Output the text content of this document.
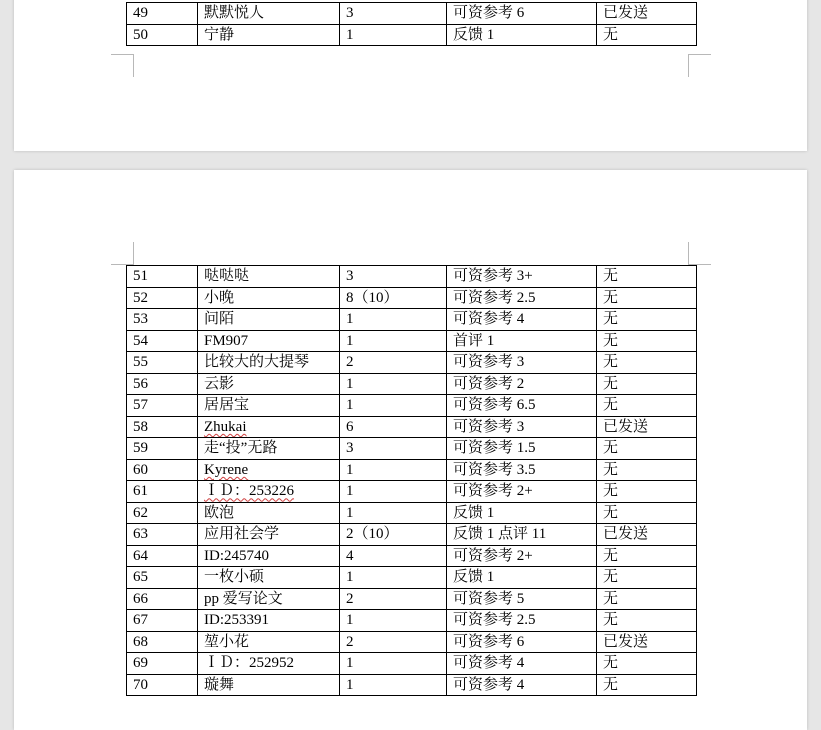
49	默默悦人	3	可资参考 6	已发送
50	宁静	1	反馈 1	无
51	哒哒哒	3	可资参考 3+	无
52	小晚	8（10）	可资参考 2.5	无
53	问陌	1	可资参考 4	无
54	FM907	1	首评 1	无
55	比较大的大提琴	2	可资参考 3	无
56	云影	1	可资参考 2	无
57	居居宝	1	可资参考 6.5	无
58	Zhukai	6	可资参考 3	已发送
59	走“投”无路	3	可资参考 1.5	无
60	Kyrene	1	可资参考 3.5	无
61	ＩＤ：253226	1	可资参考 2+	无
62	欧泡	1	反馈 1	无
63	应用社会学	2（10）	反馈 1 点评 11	已发送
64	ID:245740	4	可资参考 2+	无
65	一枚小硕	1	反馈 1	无
66	pp 爱写论文	2	可资参考 5	无
67	ID:253391	1	可资参考 2.5	无
68	堃小花	2	可资参考 6	已发送
69	ＩＤ：252952	1	可资参考 4	无
70	璇舞	1	可资参考 4	无
